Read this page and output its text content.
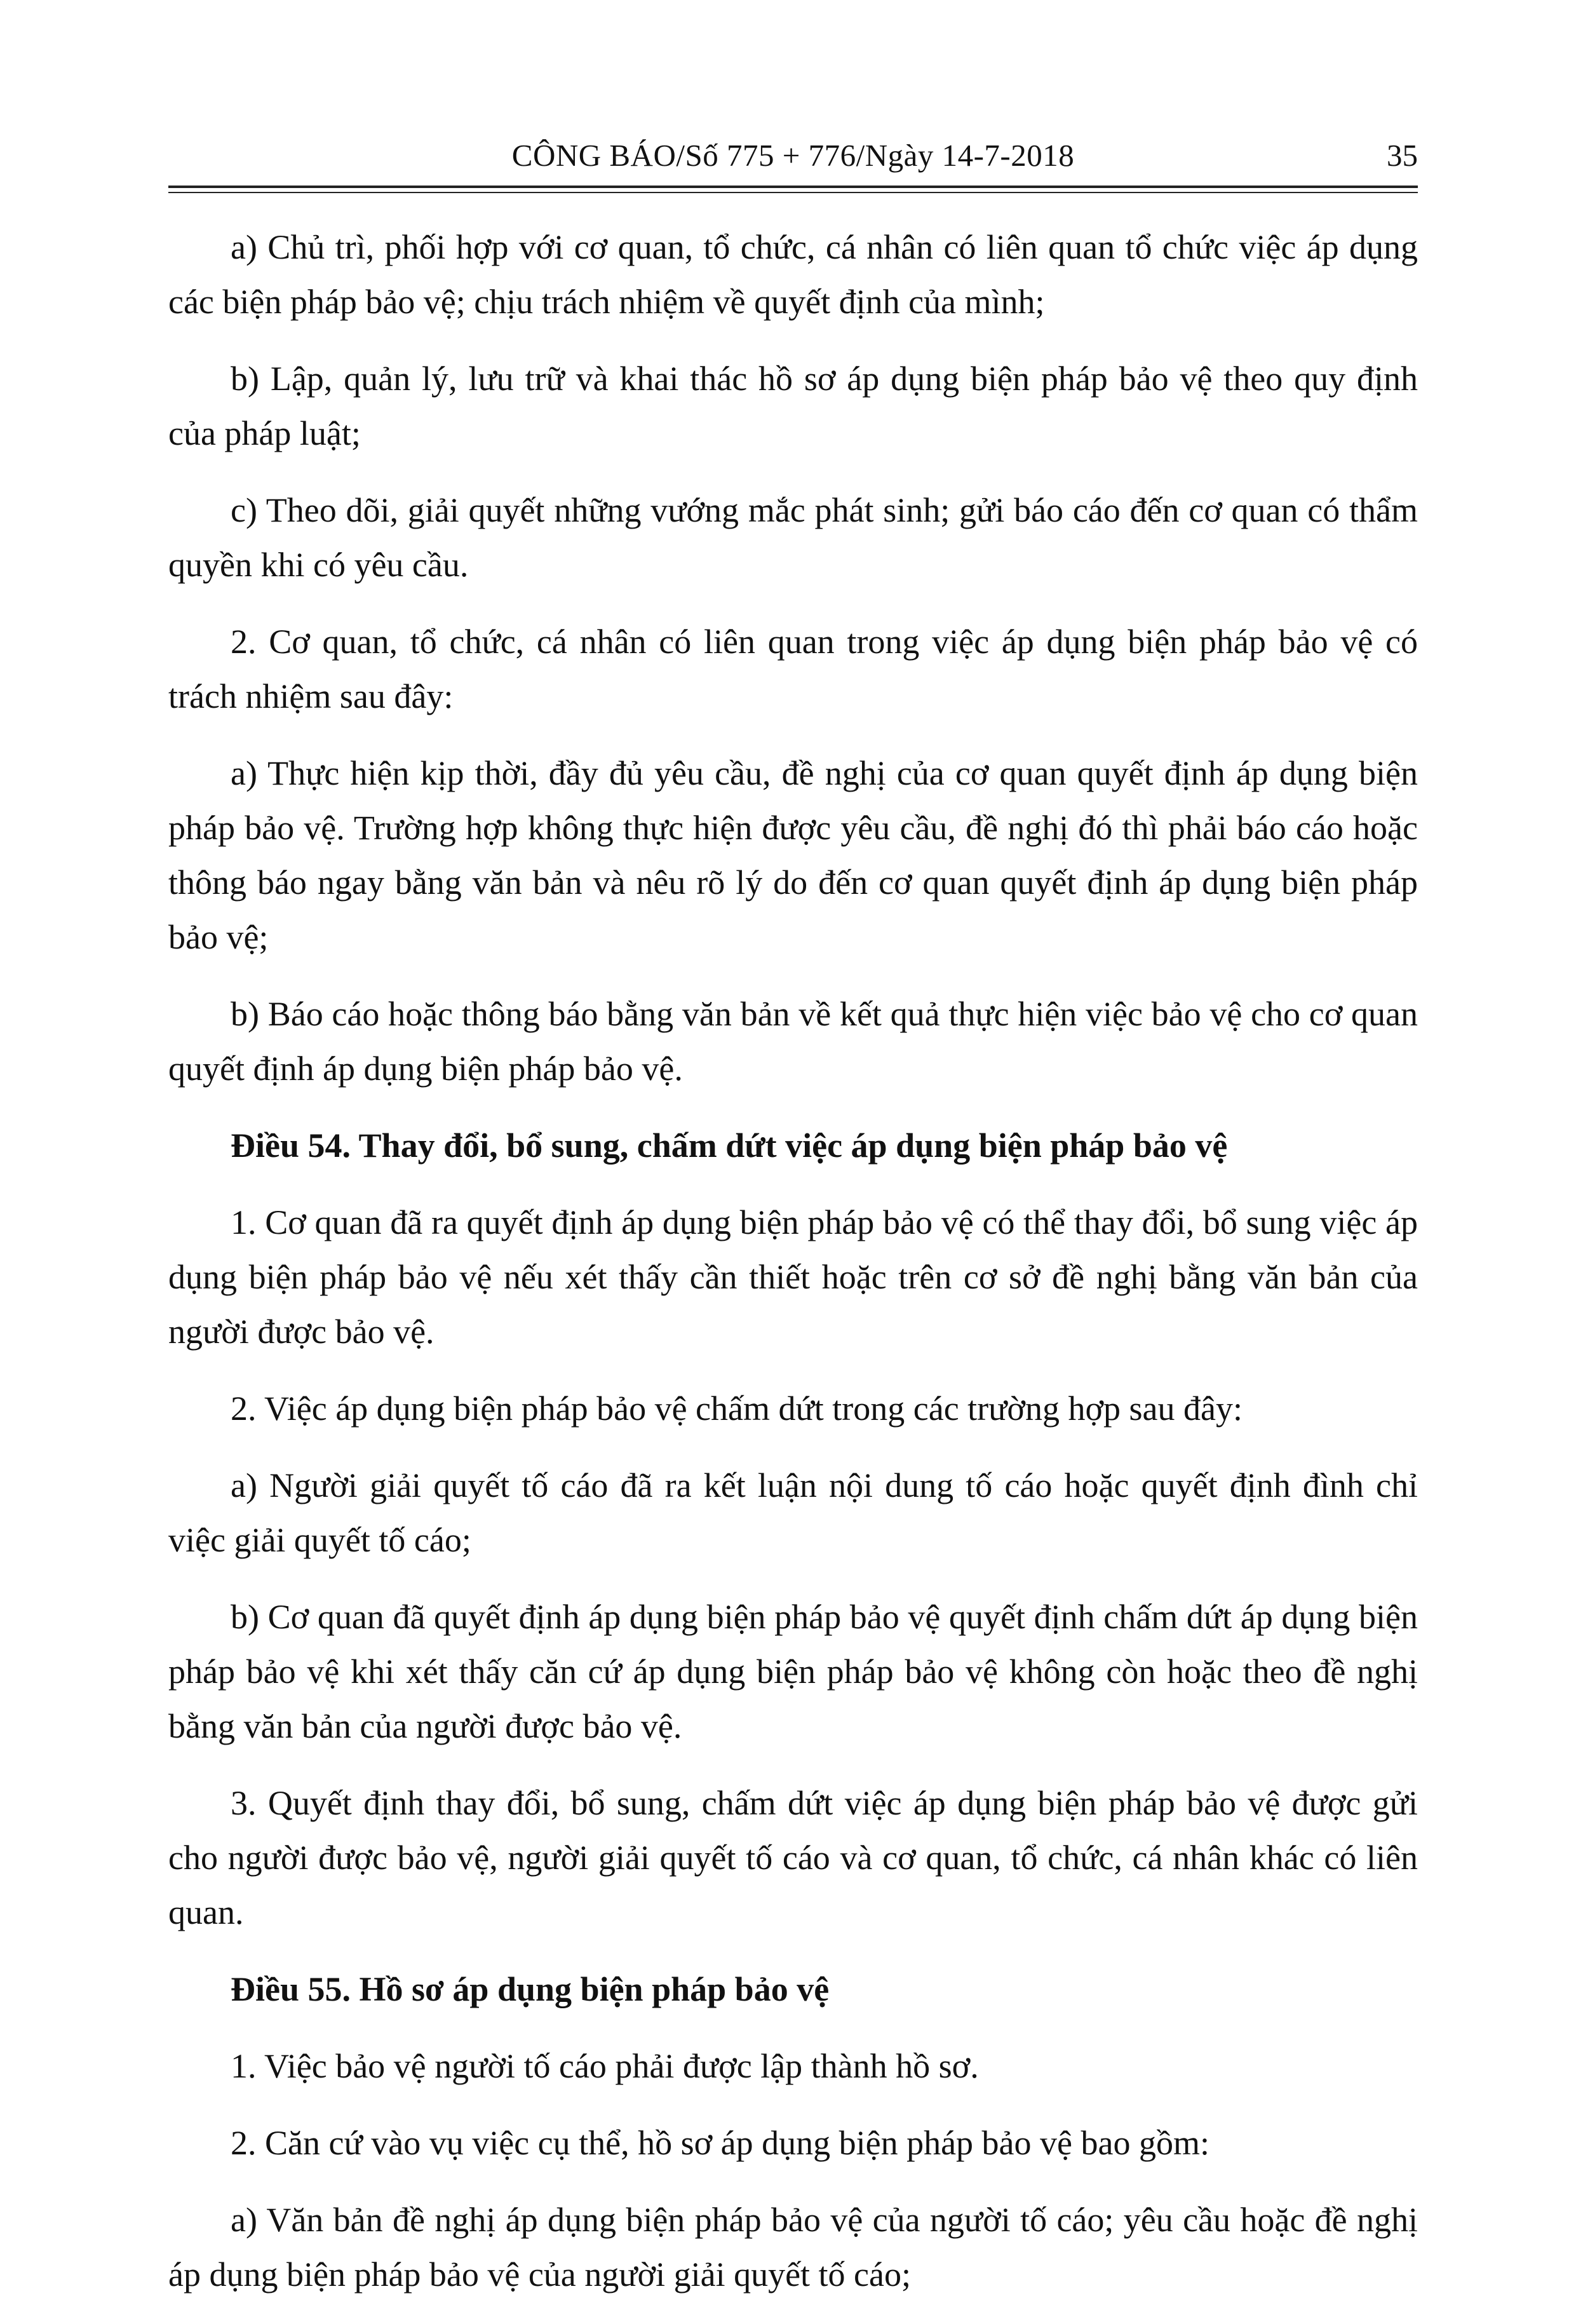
CÔNG BÁO/Số 775 + 776/Ngày 14-7-2018	35

a) Chủ trì, phối hợp với cơ quan, tổ chức, cá nhân có liên quan tổ chức việc áp dụng các biện pháp bảo vệ; chịu trách nhiệm về quyết định của mình;

b) Lập, quản lý, lưu trữ và khai thác hồ sơ áp dụng biện pháp bảo vệ theo quy định của pháp luật;

c) Theo dõi, giải quyết những vướng mắc phát sinh; gửi báo cáo đến cơ quan có thẩm quyền khi có yêu cầu.

2. Cơ quan, tổ chức, cá nhân có liên quan trong việc áp dụng biện pháp bảo vệ có trách nhiệm sau đây:

a) Thực hiện kịp thời, đầy đủ yêu cầu, đề nghị của cơ quan quyết định áp dụng biện pháp bảo vệ. Trường hợp không thực hiện được yêu cầu, đề nghị đó thì phải báo cáo hoặc thông báo ngay bằng văn bản và nêu rõ lý do đến cơ quan quyết định áp dụng biện pháp bảo vệ;

b) Báo cáo hoặc thông báo bằng văn bản về kết quả thực hiện việc bảo vệ cho cơ quan quyết định áp dụng biện pháp bảo vệ.

Điều 54. Thay đổi, bổ sung, chấm dứt việc áp dụng biện pháp bảo vệ

1. Cơ quan đã ra quyết định áp dụng biện pháp bảo vệ có thể thay đổi, bổ sung việc áp dụng biện pháp bảo vệ nếu xét thấy cần thiết hoặc trên cơ sở đề nghị bằng văn bản của người được bảo vệ.

2. Việc áp dụng biện pháp bảo vệ chấm dứt trong các trường hợp sau đây:

a) Người giải quyết tố cáo đã ra kết luận nội dung tố cáo hoặc quyết định đình chỉ việc giải quyết tố cáo;

b) Cơ quan đã quyết định áp dụng biện pháp bảo vệ quyết định chấm dứt áp dụng biện pháp bảo vệ khi xét thấy căn cứ áp dụng biện pháp bảo vệ không còn hoặc theo đề nghị bằng văn bản của người được bảo vệ.

3. Quyết định thay đổi, bổ sung, chấm dứt việc áp dụng biện pháp bảo vệ được gửi cho người được bảo vệ, người giải quyết tố cáo và cơ quan, tổ chức, cá nhân khác có liên quan.

Điều 55. Hồ sơ áp dụng biện pháp bảo vệ

1. Việc bảo vệ người tố cáo phải được lập thành hồ sơ.

2. Căn cứ vào vụ việc cụ thể, hồ sơ áp dụng biện pháp bảo vệ bao gồm:

a) Văn bản đề nghị áp dụng biện pháp bảo vệ của người tố cáo; yêu cầu hoặc đề nghị áp dụng biện pháp bảo vệ của người giải quyết tố cáo;
